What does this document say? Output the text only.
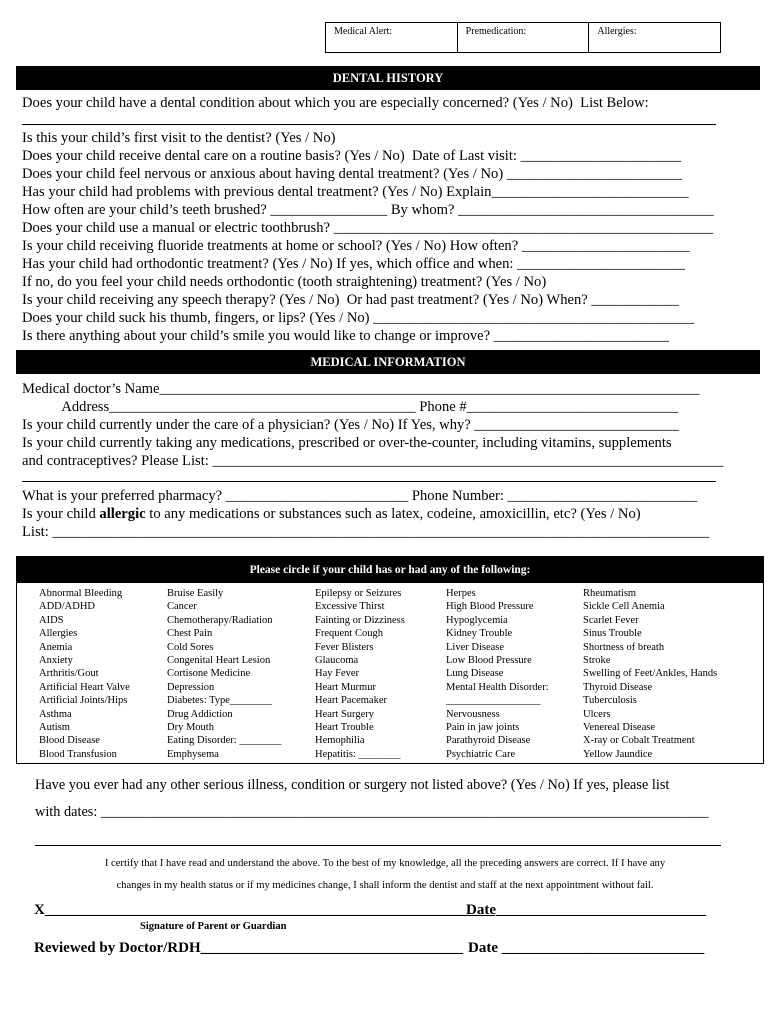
Medical Alert:	Premedication:	Allergies:
DENTAL HISTORY
Does your child have a dental condition about which you are especially concerned? (Yes / No)  List Below:
Is this your child’s first visit to the dentist? (Yes / No)
Does your child receive dental care on a routine basis? (Yes / No)  Date of Last visit: ______________________
Does your child feel nervous or anxious about having dental treatment? (Yes / No) ________________________
Has your child had problems with previous dental treatment? (Yes / No) Explain___________________________
How often are your child’s teeth brushed? ________________ By whom? ___________________________________
Does your child use a manual or electric toothbrush? ____________________________________________________
Is your child receiving fluoride treatments at home or school? (Yes / No) How often? _______________________
Has your child had orthodontic treatment? (Yes / No) If yes, which office and when: _______________________
If no, do you feel your child needs orthodontic (tooth straightening) treatment? (Yes / No)
Is your child receiving any speech therapy? (Yes / No)  Or had past treatment? (Yes / No) When? ____________
Does your child suck his thumb, fingers, or lips? (Yes / No) ____________________________________________
Is there anything about your child’s smile you would like to change or improve? ________________________
MEDICAL INFORMATION
Medical doctor’s Name__________________________________________________________________________
Address__________________________________________ Phone #_____________________________
Is your child currently under the care of a physician? (Yes / No) If Yes, why? ____________________________
Is your child currently taking any medications, prescribed or over-the-counter, including vitamins, supplements
and contraceptives? Please List: ______________________________________________________________________
What is your preferred pharmacy? _________________________ Phone Number: __________________________
Is your child allergic to any medications or substances such as latex, codeine, amoxicillin, etc? (Yes / No)
List: __________________________________________________________________________________________
Please circle if your child has or had any of the following:
Abnormal Bleeding
ADD/ADHD
AIDS
Allergies
Anemia
Anxiety
Arthritis/Gout
Artificial Heart Valve
Artificial Joints/Hips
Asthma
Autism
Blood Disease
Blood Transfusion
Bruise Easily
Cancer
Chemotherapy/Radiation
Chest Pain
Cold Sores
Congenital Heart Lesion
Cortisone Medicine
Depression
Diabetes: Type________
Drug Addiction
Dry Mouth
Eating Disorder: ________
Emphysema
Epilepsy or Seizures
Excessive Thirst
Fainting or Dizziness
Frequent Cough
Fever Blisters
Glaucoma
Hay Fever
Heart Murmur
Heart Pacemaker
Heart Surgery
Heart Trouble
Hemophilia
Hepatitis: ________
Herpes
High Blood Pressure
Hypoglycemia
Kidney Trouble
Liver Disease
Low Blood Pressure
Lung Disease
Mental Health Disorder:
__________________
Nervousness
Pain in jaw joints
Parathyroid Disease
Psychiatric Care
Rheumatism
Sickle Cell Anemia
Scarlet Fever
Sinus Trouble
Shortness of breath
Stroke
Swelling of Feet/Ankles, Hands
Thyroid Disease
Tuberculosis
Ulcers
Venereal Disease
X-ray or Cobalt Treatment
Yellow Jaundice
Have you ever had any other serious illness, condition or surgery not listed above? (Yes / No) If yes, please list
with dates: _____________________________________________________________________________________
I certify that I have read and understand the above. To the best of my knowledge, all the preceding answers are correct. If I have any
changes in my health status or if my medicines change, I shall inform the dentist and staff at the next appointment without fail.
X____________________________________________________________
Date____________________________
Signature of Parent or Guardian
Reviewed by Doctor/RDH___________________________________ Date ___________________________
